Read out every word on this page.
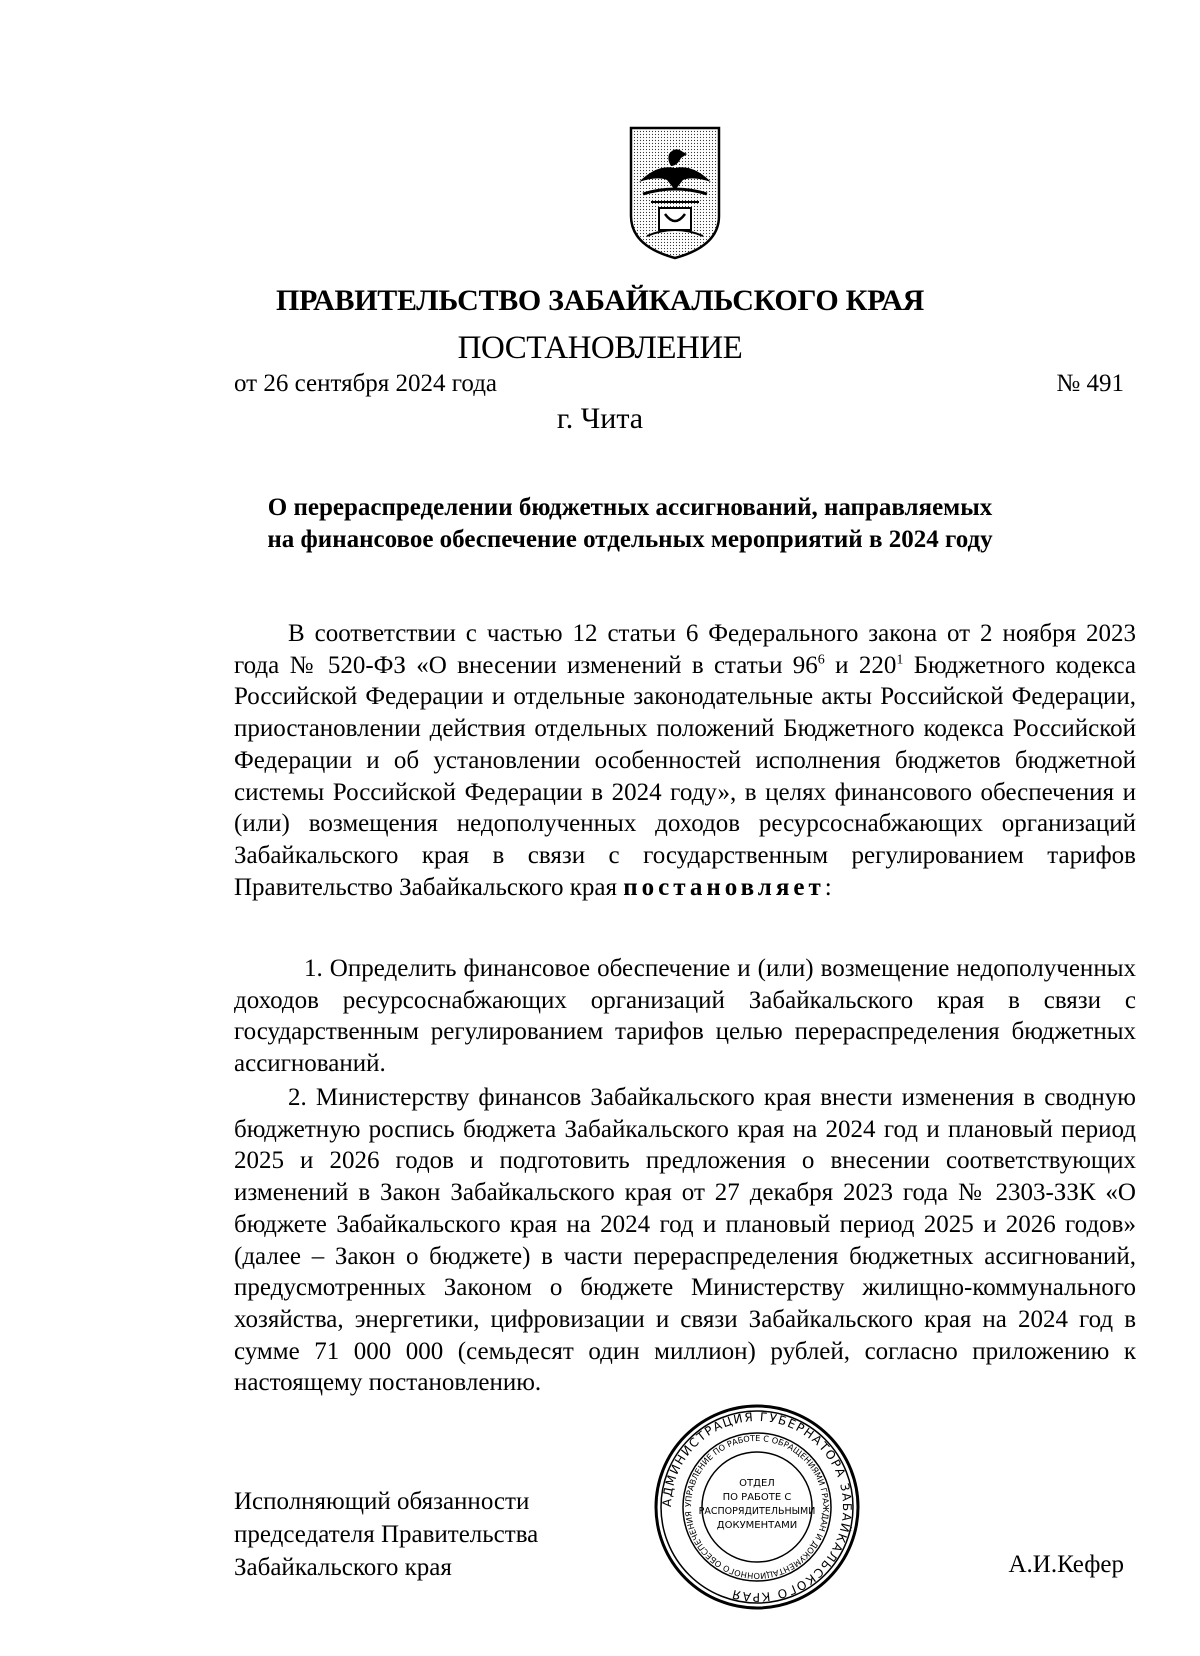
ПРАВИТЕЛЬСТВО ЗАБАЙКАЛЬСКОГО КРАЯ
ПОСТАНОВЛЕНИЕ
от 26 сентября 2024 года	№ 491
г. Чита
О перераспределении бюджетных ассигнований, направляемых
на финансовое обеспечение отдельных мероприятий в 2024 году
В соответствии с частью 12 статьи 6 Федерального закона от 2 ноября 2023 года № 520-ФЗ «О внесении изменений в статьи $96^6$ и $220^1$ Бюджетного кодекса Российской Федерации и отдельные законодательные акты Российской Федерации, приостановлении действия отдельных положений Бюджетного кодекса Российской Федерации и об установлении особенностей исполнения бюджетов бюджетной системы Российской Федерации в 2024 году», в целях финансового обеспечения и (или) возмещения недополученных доходов ресурсоснабжающих организаций Забайкальского края в связи с государственным регулированием тарифов Правительство Забайкальского края постановляет:
1. Определить финансовое обеспечение и (или) возмещение недополученных доходов ресурсоснабжающих организаций Забайкальского края в связи с государственным регулированием тарифов целью перераспределения бюджетных ассигнований.
2. Министерству финансов Забайкальского края внести изменения в сводную бюджетную роспись бюджета Забайкальского края на 2024 год и плановый период 2025 и 2026 годов и подготовить предложения о внесении соответствующих изменений в Закон Забайкальского края от 27 декабря 2023 года № 2303-ЗЗК «О бюджете Забайкальского края на 2024 год и плановый период 2025 и 2026 годов» (далее – Закон о бюджете) в части перераспределения бюджетных ассигнований, предусмотренных Законом о бюджете Министерству жилищно-коммунального хозяйства, энергетики, цифровизации и связи Забайкальского края на 2024 год в сумме 71 000 000 (семьдесят один миллион) рублей, согласно приложению к настоящему постановлению.
Исполняющий обязанности
председателя Правительства
Забайкальского края	А.И.Кефер
АДМИНИСТРАЦИЯ ГУБЕРНАТОРА ЗАБАЙКАЛЬСКОГО КРАЯ
УПРАВЛЕНИЕ ПО РАБОТЕ С ОБРАЩЕНИЯМИ ГРАЖДАН И ДОКУМЕНТАЦИОННОГО ОБЕСПЕЧЕНИЯ
ОТДЕЛ
ПО РАБОТЕ С
РАСПОРЯДИТЕЛЬНЫМИ
ДОКУМЕНТАМИ
